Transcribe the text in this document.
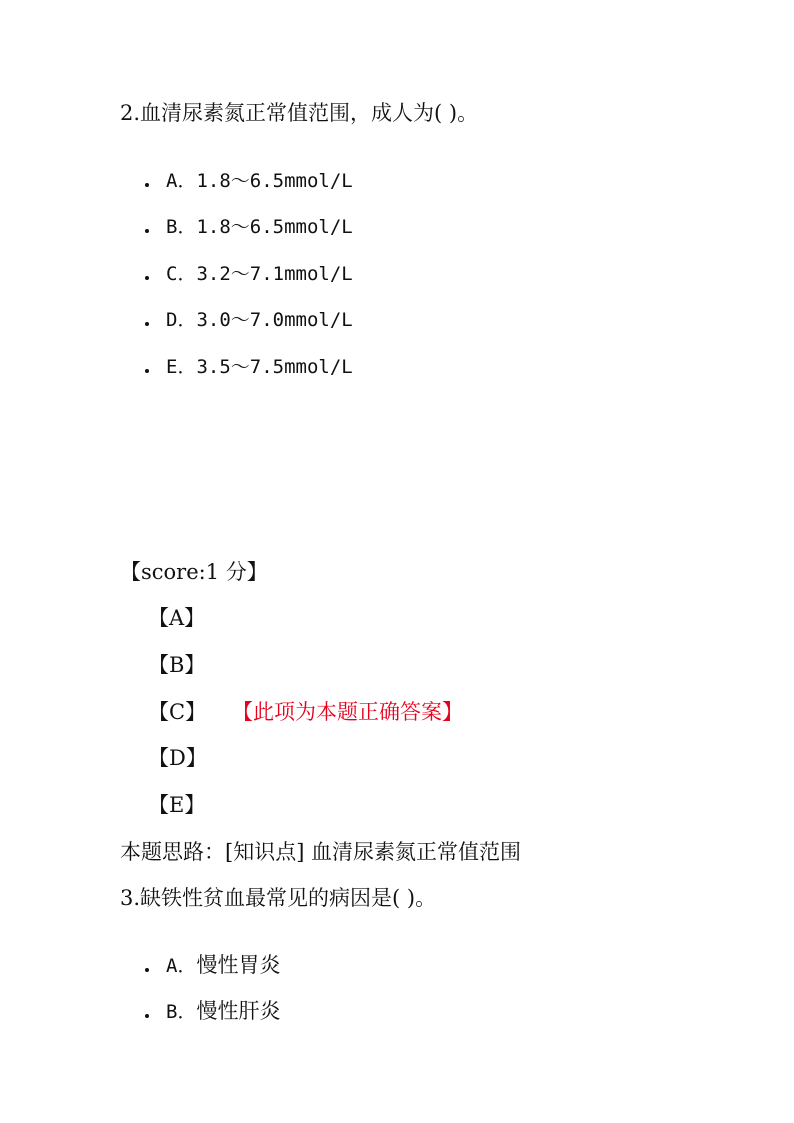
2.血清尿素氮正常值范围，成人为( )。
A．1.8～6.5mmol/L
B．1.8～6.5mmol/L
C．3.2～7.1mmol/L
D．3.0～7.0mmol/L
E．3.5～7.5mmol/L
【score:1 分】
【A】
【B】
【C】 【此项为本题正确答案】
【D】
【E】
本题思路：[知识点] 血清尿素氮正常值范围
3.缺铁性贫血最常见的病因是( )。
A．慢性胃炎
B．慢性肝炎
